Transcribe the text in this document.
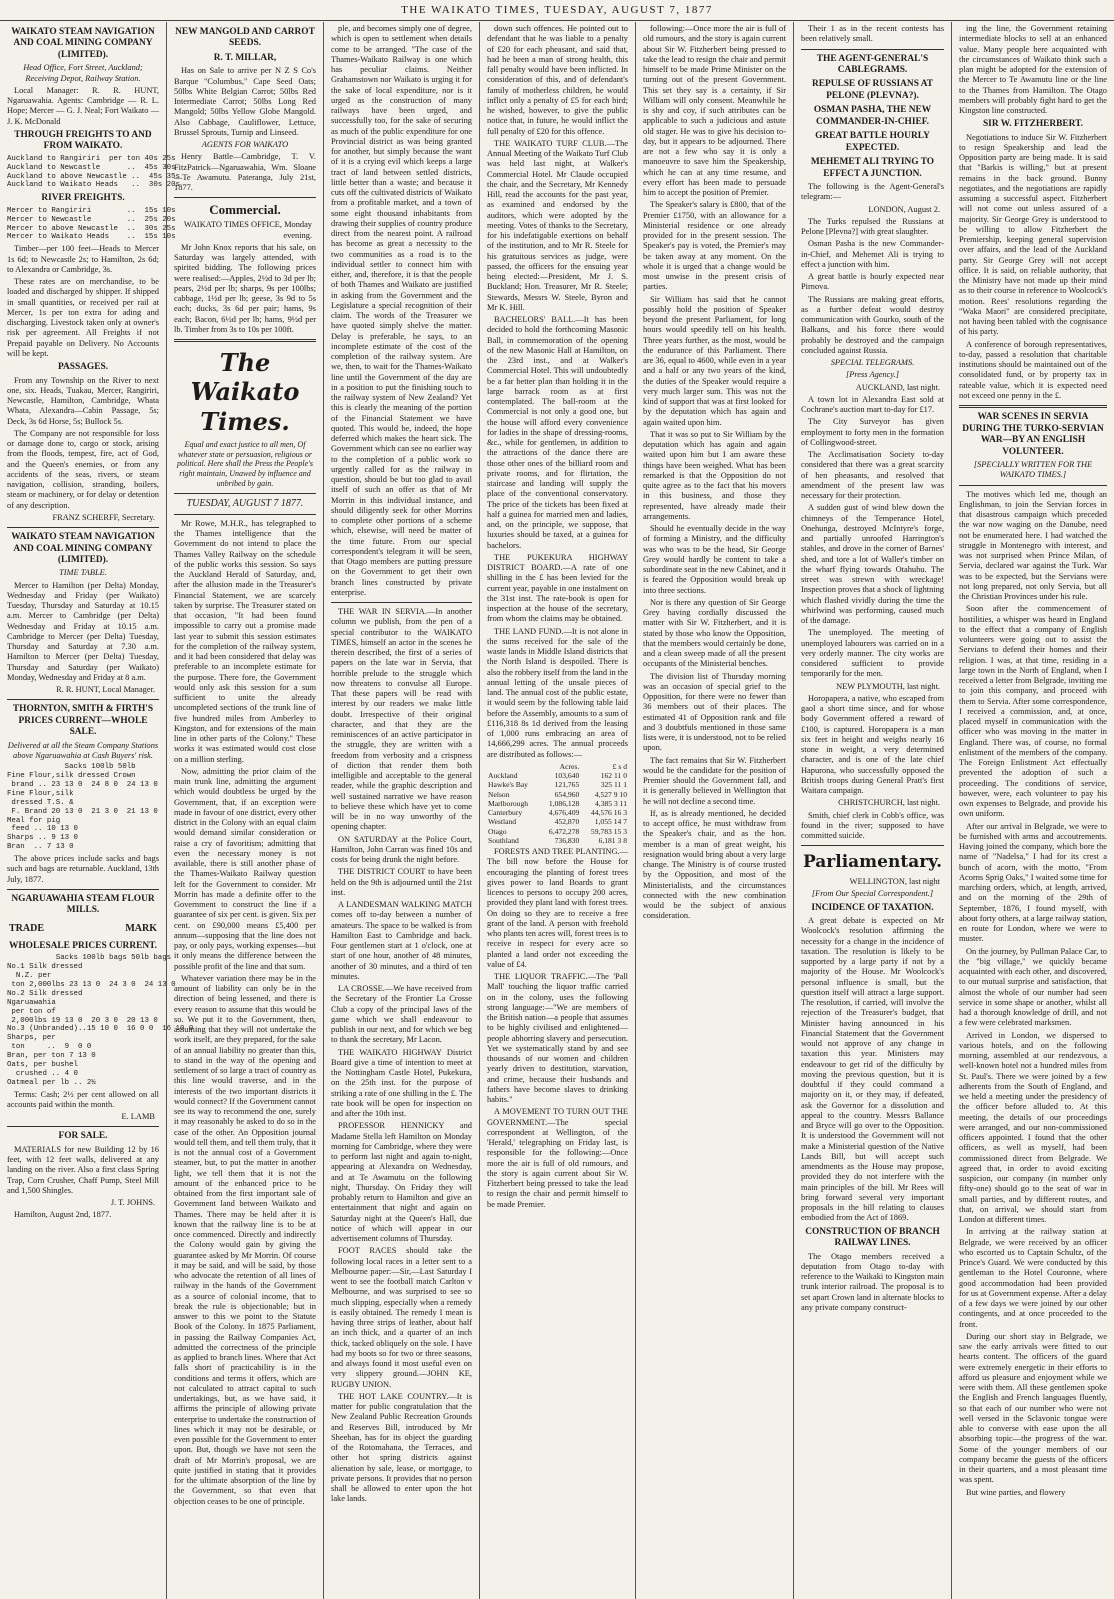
THE WAIKATO TIMES, TUESDAY, AUGUST 7, 1877

WAIKATO STEAM NAVIGATION AND COAL MINING COMPANY (LIMITED).

Head Office, Fort Street, Auckland; Receiving Depot, Railway Station.

Local Manager: R. R. HUNT, Ngaruawahia. Agents: Cambridge — R. L. Hope; Mercer — G. J. Neal; Fort Waikato — J. K. McDonald

THROUGH FREIGHTS TO AND FROM WAIKATO.

Auckland to Rangiriri  per ton 40s 25s
Auckland to Newcastle      ..  45s 30s
Auckland to above Newcastle ..  45s 35s
Auckland to Waikato Heads   ..  30s 20s

RIVER FREIGHTS.

Mercer to Rangiriri        ..  15s 10s
Mercer to Newcastle        ..  25s 20s
Mercer to above Newcastle  ..  30s 25s
Mercer to Waikato Heads    ..  15s 10s

Timber—per 100 feet—Heads to Mercer 1s 6d; to Newcastle 2s; to Hamilton, 2s 6d; to Alexandra or Cambridge, 3s.

These rates are on merchandise, to be loaded and discharged by shipper. If shipped in small quantities, or received per rail at Mercer, 1s per ton extra for ading and discharging. Livestock taken only at owner's risk per agreement. All Freights if not Prepaid payable on Delivery. No Accounts will be kept.

PASSAGES.

From any Township on the River to next one, six. Heads, Tuakau, Mercer, Rangiriri, Newcastle, Hamilton, Cambridge, Whata Whata, Alexandra—Cabin Passage, 5s; Deck, 3s 6d Horse, 5s; Bullock 5s.

The Company are not responsible for loss or damage done to, cargo or stock, arising from the floods, tempest, fire, act of God, and the Queen's enemies, or from any accidents of the seas, rivers, or steam navigation, collision, stranding, boilers, steam or machinery, or for delay or detention of any description.

FRANZ SCHERFF, Secretary.

WAIKATO STEAM NAVIGATION AND COAL MINING COMPANY (LIMITED).

TIME TABLE.

Mercer to Hamilton (per Delta) Monday, Wednesday and Friday (per Waikato) Tuesday, Thursday and Saturday at 10.15 a.m. Mercer to Cambridge (per Delta) Wednesday and Friday at 10.15 a.m. Cambridge to Mercer (per Delta) Tuesday, Thursday and Saturday at 7.30 a.m. Hamilton to Mercer (per Delta) Tuesday, Thursday and Saturday (per Waikato) Monday, Wednesday and Friday at 8 a.m.

R. R. HUNT, Local Manager.

THORNTON, SMITH & FIRTH'S PRICES CURRENT—WHOLE SALE.

Delivered at all the Steam Company Stations above Ngaruawahia at Cash Buyers' risk.

Sacks 100lb 50lb
Fine Flour,silk dressed Crown
brand .. 23 13 0  24 8 0  24 13 0
Fine Flour,silk
dressed T.S. &
F. Brand 20 13 0  21 3 0  21 13 0
Meal for pig
feed .. 10 13 0
Sharps .. 9 13 0
Bran  .. 7 13 0

The above prices include sacks and bags such and bags are returnable. Auckland, 13th July, 1877.

NGARUAWAHIA STEAM FLOUR MILLS.

TRADE	MARK

WHOLESALE PRICES CURRENT.

Sacks 100lb bags 50lb bags
No.1 Silk dressed
N.Z. per
ton 2,000lbs 23 13 0  24 3 0  24 13 0
No.2 Silk dressed
Ngaruawahia
per ton of
2,000lbs 19 13 0  20 3 0  20 13 0
No.3 (Unbranded)..15 10 0  16 0 0  16 10 0
Sharps, per
ton     ..  9  0 0
Bran, per ton 7 13 0
Oats, per bushel
crushed .. 4 0
Oatmeal per lb .. 2½

Terms: Cash; 2½ per cent allowed on all accounts paid within the month.

E. LAMB

FOR SALE.

MATERIALS for new Building 12 by 16 feet, with 12 feet walls, delivered at any landing on the river. Also a first class Spring Trap, Corn Crusher, Chaff Pump, Steel Mill and 1,500 Shingles.

J. T. JOHNS.

Hamilton, August 2nd, 1877.

NEW MANGOLD AND CARROT SEEDS.

R. T. MILLAR,

Has on Sale to arrive per N Z S Co's Barque "Columbus," Cape Seed Oats; 50lbs White Belgian Carrot; 50lbs Red Intermediate Carrot; 50lbs Long Red Mangold; 50lbs Yellow Globe Mangold. Also Cabbage, Cauliflower, Lettuce, Brussel Sprouts, Turnip and Linseed.

AGENTS FOR WAIKATO

Henry Battle—Cambridge, T. V. FitzPatrick—Ngaruawahia, Wm. Sloane—Te Awamutu. Pateranga, July 21st, 1877.

Commercial.

WAIKATO TIMES OFFICE, Monday evening.

Mr John Knox reports that his sale, on Saturday was largely attended, with spirited bidding. The following prices were realised:—Apples, 2½d to 3d per lb; pears, 2½d per lb; sharps, 9s per 100lbs; cabbage, 1½d per lb; geese, 3s 9d to 5s each; ducks, 3s 6d per pair; hams, 9s each; Bacon, 6½d per lb; hams, 9½d per lb. Timber from 3s to 10s per 100ft.

The Waikato Times.

Equal and exact justice to all men, Of whatever state or persuasion, religious or political. Here shall the Press the People's right maintain, Unawed by influence and unbribed by gain.

TUESDAY, AUGUST 7 1877.

Mr Rowe, M.H.R., has telegraphed to the Thames intelligence that the Government do not intend to place the Thames Valley Railway on the schedule of the public works this session. So says the Auckland Herald of Saturday, and, after the allusion made in the Treasurer's Financial Statement, we are scarcely taken by surprise. The Treasurer stated on that occasion, "It had been found impossible to carry out a promise made last year to submit this session estimates for the completion of the railway system, and it had been considered that delay was preferable to an incomplete estimate for the purpose. There fore, the Government would only ask this session for a sum sufficient to unite the already uncompleted sections of the trunk line of five hundred miles from Amberley to Kingston, and for extensions of the main line in other parts of the Colony." These works it was estimated would cost close on a million sterling.

Now, admitting the prior claim of the main trunk line, admitting the argument which would doubtless be urged by the Government, that, if an exception were made in favour of one district, every other district in the Colony with an equal claim would demand similar consideration or raise a cry of favoritism; admitting that even the necessary money is not available, there is still another phase of the Thames-Waikato Railway question left for the Government to consider. Mr Morrin has made a definite offer to the Government to construct the line if a guarantee of six per cent. is given. Six per cent. on £90,000 means £5,400 per annum—supposing that the line does not pay, or only pays, working expenses—but it only means the difference between the possible profit of the line and that sum.

Whatever variation there may be in the amount of liability can only be in the direction of being lessened, and there is every reason to assume that this would be so. We put it to the Government, then, assuming that they will not undertake the work itself, are they prepared, for the sake of an annual liability no greater than this, to stand in the way of the opening and settlement of so large a tract of country as this line would traverse, and in the interests of the two important districts it would connect? If the Government cannot see its way to recommend the one, surely it may reasonably be asked to do so in the case of the other. An Opposition journal would tell them, and tell them truly, that it is not the annual cost of a Government steamer, but, to put the matter in another light, we tell them that it is not the amount of the enhanced price to be obtained from the first important sale of Government land between Waikato and Thames. There may be held after it is known that the railway line is to be at once commenced. Directly and indirectly the Colony would gain by giving the guarantee asked by Mr Morrin. Of course it may be said, and will be said, by those who advocate the retention of all lines of railway in the hands of the Government as a source of colonial income, that to break the rule is objectionable; but in answer to this we point to the Statute Book of the Colony. In 1875 Parliament, in passing the Railway Companies Act, admitted the correctness of the principle as applied to branch lines. Where that Act falls short of practicability is in the conditions and terms it offers, which are not calculated to attract capital to such undertakings, but, as we have said, it affirms the principle of allowing private enterprise to undertake the construction of lines which it may not be desirable, or even possible for the Government to enter upon. But, though we have not seen the draft of Mr Morrin's proposal, we are quite justified in stating that it provides for the ultimate absorption of the line by the Government, so that even that objection ceases to be one of principle.

ple, and becomes simply one of degree, which is open to settlement when details come to be arranged. "The case of the Thames-Waikato Railway is one which has peculiar claims. Neither Grahamstown nor Waikato is urging it for the sake of local expenditure, nor is it urged as the construction of many railways have been urged, and successfully too, for the sake of securing as much of the public expenditure for one Provincial district as was being granted for another, but simply because the want of it is a crying evil which keeps a large tract of land between settled districts, little better than a waste; and because it cuts off the cultivated districts of Waikato from a profitable market, and a town of some eight thousand inhabitants from drawing their supplies of country produce direct from the nearest point. A railroad has become as great a necessity to the two communities as a road is to the individual settler to connect him with either, and, therefore, it is that the people of both Thames and Waikato are justified in asking from the Government and the Legislature a special recognition of their claim. The words of the Treasurer we have quoted simply shelve the matter. Delay is preferable, he says, to an incomplete estimate of the cost of the completion of the railway system. Are we, then, to wait for the Thames-Waikato line until the Government of the day are in a position to put the finishing touch to the railway system of New Zealand? Yet this is clearly the meaning of the portion of the Financial Statement we have quoted. This would be, indeed, the hope deferred which makes the heart sick. The Government which can see no earlier way to the completion of a public work so urgently called for as the railway in question, should be but too glad to avail itself of such an offer as that of Mr Morrin in this individual instance, and should diligently seek for other Morrins to complete other portions of a scheme which, elsewise, will need be matter of the time future. From our special correspondent's telegram it will be seen, that Otago members are putting pressure on the Government to get their own branch lines constructed by private enterprise.

THE WAR IN SERVIA.—In another column we publish, from the pen of a special contributor to the WAIKATO TIMES, himself an actor in the scenes he therein described, the first of a series of papers on the late war in Servia, that horrible prelude to the struggle which now threatens to convulse all Europe. That these papers will be read with interest by our readers we make little doubt. Irrespective of their original character, and that they are the reminiscences of an active participator in the struggle, they are written with a freedom from verbosity and a crispness of diction that render them both intelligible and acceptable to the general reader, while the graphic description and well sustained narrative we have reason to believe these which have yet to come will be in no way unworthy of the opening chapter.

ON SATURDAY at the Police Court, Hamilton, John Carran was fined 10s and costs for being drunk the night before.

THE DISTRICT COURT to have been held on the 9th is adjourned until the 21st inst.

A LANDESMAN WALKING MATCH comes off to-day between a number of amateurs. The space to be walked is from Hamilton East to Cambridge and back. Four gentlemen start at 1 o'clock, one at start of one hour, another of 48 minutes, another of 30 minutes, and a third of ten minutes.

LA CROSSE.—We have received from the Secretary of the Frontier La Crosse Club a copy of the principal laws of the game which we shall endeavour to publish in our next, and for which we beg to thank the secretary, Mr Lacon.

THE WAIKATO HIGHWAY District Board give a time of intention to meet at the Nottingham Castle Hotel, Pukekura, on the 25th inst. for the purpose of striking a rate of one shilling in the £. The rate book will be open for inspection on and after the 10th inst.

PROFESSOR HENNICKY and Madame Stella left Hamilton on Monday morning for Cambridge, where they were to perform last night and again to-night, appearing at Alexandra on Wednesday, and at Te Awamutu on the following night, Thursday. On Friday they will probably return to Hamilton and give an entertainment that night and again on Saturday night at the Queen's Hall, due notice of which will appear in our advertisement columns of Thursday.

FOOT RACES should take the following local races in a letter sent to a Melbourne paper:—Sir,—Last Saturday I went to see the football match Carlton v Melbourne, and was surprised to see so much slipping, especially when a remedy is easily obtained. The remedy I mean is having three strips of leather, about half an inch thick, and a quarter of an inch thick, tacked obliquely on the sole. I have had my boots so for two or three seasons, and always found it most useful even on very slippery ground.—JOHN KE, RUGBY UNION.

THE HOT LAKE COUNTRY.—It is matter for public congratulation that the New Zealand Public Recreation Grounds and Reserves Bill, introduced by Mr Sheehan, has for its object the guarding of the Rotomahana, the Terraces, and other hot spring districts against alienation by sale, lease, or mortgage, to private persons. It provides that no person shall be allowed to enter upon the hot lake lands.

down such offences. He pointed out to defendant that he was liable to a penalty of £20 for each pheasant, and said that, had he been a man of strong health, this fall penalty would have been inflicted. In consideration of this, and of defendant's family of motherless children, he would inflict only a penalty of £5 for each bird; he wished, however, to give the public notice that, in future, he would inflict the full penalty of £20 for this offence.

THE WAIKATO TURF CLUB.—The Annual Meeting of the Waikato Turf Club was held last night, at Walker's Commercial Hotel. Mr Claude occupied the chair, and the Secretary, Mr Kennedy Hill, read the accounts for the past year, as examined and endorsed by the auditors, which were adopted by the meeting. Votes of thanks to the Secretary, for his indefatigable exertions on behalf of the institution, and to Mr R. Steele for his gratuitous services as judge, were passed, the officers for the ensuing year being elected:—President, Mr J. S. Buckland; Hon. Treasurer, Mr R. Steele; Stewards, Messrs W. Steele, Byron and Mr K. Hill.

BACHELORS' BALL.—It has been decided to hold the forthcoming Masonic Ball, in commemoration of the opening of the new Masonic Hall at Hamilton, on the 23rd inst., and at Walker's Commercial Hotel. This will undoubtedly be a far better plan than holding it in the large barrack room as at first contemplated. The ball-room at the Commercial is not only a good one, but the house will afford every convenience for ladies in the shape of dressing-rooms, &c., while for gentlemen, in addition to the attractions of the dance there are those other ones of the billiard room and private rooms, and for flirtation, the staircase and landing will supply the place of the conventional conservatory. The price of the tickets has been fixed at half a guinea for married men and ladies, and, on the principle, we suppose, that luxuries should be taxed, at a guinea for bachelors.

THE PUKEKURA HIGHWAY DISTRICT BOARD.—A rate of one shilling in the £ has been levied for the current year, payable in one instalment on the 31st inst. The rate-book is open for inspection at the house of the secretary, from whom the claims may be obtained.

THE LAND FUND.—It is not alone in the sums received for the sale of the waste lands in Middle Island districts that the North Island is despoiled. There is also the robbery itself from the land in the annual letting of the unsale pieces of land. The annual cost of the public estate, it would seem by the following table laid before the Assembly, amounts to a sum of £116,318 8s 1d derived from the leasing of 1,000 runs embracing an area of 14,666,299 acres. The annual proceeds are distributed as follows:—

	Acres.	£ s d
Auckland	103,640	162 11 0
Hawke's Bay	121,765	325 11 1
Nelson	654,960	4,527 9 10
Marlborough	1,086,128	4,385 3 11
Canterbury	4,676,409	44,576 16 3
Westland	452,870	1,055 14 7
Otago	6,472,278	59,783 15 3
Southland	736,830	6,181 3 8

FORESTS AND TREE PLANTING.—The bill now before the House for encouraging the planting of forest trees gives power to land Boards to grant licences to persons to occupy 200 acres, provided they plant land with forest trees. On doing so they are to receive a free grant of the land. A person with freehold who plants ten acres will, forest trees is to receive in respect for every acre so planted a land order not exceeding the value of £4.

THE LIQUOR TRAFFIC.—The 'Pall Mall' touching the liquor traffic carried on in the colony, uses the following strong language:—"We are members of the British nation—a people that assumes to be highly civilised and enlightened—people abhorring slavery and persecution. Yet we systematically stand by and see thousands of our women and children yearly driven to destitution, starvation, and crime, because their husbands and fathers have become slaves to drinking habits."

A MOVEMENT TO TURN OUT THE GOVERNMENT.—The special correspondent at Wellington, of the 'Herald,' telegraphing on Friday last, is responsible for the following:—Once more the air is full of old rumours, and the story is again current about Sir W. Fitzherbert being pressed to take the lead to resign the chair and permit himself to be made Premier.

following:—Once more the air is full of old rumours, and the story is again current about Sir W. Fitzherbert being pressed to take the lead to resign the chair and permit himself to be made Prime Minister on the turning out of the present Government. This set they say is a certainty, if Sir William will only consent. Meanwhile he is shy and coy, if such attributes can be applicable to such a judicious and astute old stager. He was to give his decision to-day, but it appears to be adjourned. There are not a few who say it is only a manoeuvre to save him the Speakership, which he can at any time resume, and every effort has been made to persuade him to accept the position of Premier.

The Speaker's salary is £800, that of the Premier £1750, with an allowance for a Ministerial residence or one already provided for in the present session. The Speaker's pay is voted, the Premier's may be taken away at any moment. On the whole it is urged that a change would be most unwise in the present crisis of parties.

Sir William has said that he cannot possibly hold the position of Speaker beyond the present Parliament, for long hours would speedily tell on his health. Three years further, as the most, would be the endurance of this Parliament. There are 36, equal to 4600, while even in a year and a half or any two years of the kind, the duties of the Speaker would require a very much larger sum. This was not the kind of support that was at first looked for by the deputation which has again and again waited upon him.

That it was so put to Sir William by the deputation which has again and again waited upon him but I am aware these things have been weighed. What has been remarked is that the Opposition do not quite agree as to the fact that his movers in this business, and those they represented, have already made their arrangements.

Should he eventually decide in the way of forming a Ministry, and the difficulty was who was to be the head, Sir George Grey would hardly be content to take a subordinate seat in the new Cabinet, and it is feared the Opposition would break up into three sections.

Nor is there any question of Sir George Grey having cordially discussed the matter with Sir W. Fitzherbert, and it is stated by those who know the Opposition, that the members would certainly be done, and a clean sweep made of all the present occupants of the Ministerial benches.

The division list of Thursday morning was an occasion of special grief to the Opposition, for there were no fewer than 36 members out of their places. The estimated 41 of Opposition rank and file and 3 doubtfuls mentioned in those same lists were, it is understood, not to be relied upon.

The fact remains that Sir W. Fitzherbert would be the candidate for the position of Premier should the Government fall, and it is generally believed in Wellington that he will not decline a second time.

If, as is already mentioned, he decided to accept office, he must withdraw from the Speaker's chair, and as the hon. member is a man of great weight, his resignation would bring about a very large change. The Ministry is of course trusted by the Opposition, and most of the Ministerialists, and the circumstances connected with the new combination would be the subject of anxious consideration.

Their 1 as in the recent contests has been relatively small.

THE AGENT-GENERAL'S CABLEGRAMS.

REPULSE OF RUSSIANS AT PELONE (PLEVNA?).

OSMAN PASHA, THE NEW COMMANDER-IN-CHIEF.

GREAT BATTLE HOURLY EXPECTED.

MEHEMET ALI TRYING TO EFFECT A JUNCTION.

The following is the Agent-General's telegram:—

LONDON, August 2.

The Turks repulsed the Russians at Pelone [Plevna?] with great slaughter.

Osman Pasha is the new Commander-in-Chief, and Mehemet Ali is trying to effect a junction with him.

A great battle is hourly expected near Pirnova.

The Russians are making great efforts, as a further defeat would destroy communication with Gourko, south of the Balkans, and his force there would probably be destroyed and the campaign concluded against Russia.

SPECIAL TELEGRAMS.

[Press Agency.]

AUCKLAND, last night.

A town lot in Alexandra East sold at Cochrane's auction mart to-day for £17.

The City Surveyor has given employment to forty men in the formation of Collingwood-street.

The Acclimatisation Society to-day considered that there was a great scarcity of hen pheasants, and resolved that amendment of the present law was necessary for their protection.

A sudden gust of wind blew down the chimneys of the Temperance Hotel, Onehunga, destroyed McIntyre's forge, and partially unroofed Harrington's stables, and drove in the corner of Barnes' shed, and tore a lot of Waller's timber on the wharf flying towards Otahuhu. The street was strewn with wreckage! Inspection proves that a shock of lightning which flashed vividly during the time the whirlwind was performing, caused much of the damage.

The unemployed. The meeting of unemployed labourers was carried on in a very orderly manner. The city works are considered sufficient to provide temporarily for the men.

NEW PLYMOUTH, last night.

Horopapera, a native, who escaped from gaol a short time since, and for whose body Government offered a reward of £100, is captured. Horopapera is a man six feet in height and weighs nearly 16 stone in weight, a very determined character, and is one of the late chief Hapurona, who successfully opposed the British troops during General Pratt's first Waitara campaign.

CHRISTCHURCH, last night.

Smith, chief clerk in Cobb's office, was found in the river; supposed to have committed suicide.

Parliamentary.

WELLINGTON, last night

[From Our Special Correspondent.]

INCIDENCE OF TAXATION.

A great debate is expected on Mr Woolcock's resolution affirming the necessity for a change in the incidence of taxation. The resolution is likely to be supported by a large party if not by a majority of the House. Mr Woolcock's personal influence is small, but the question itself will attract a large support. The resolution, if carried, will involve the rejection of the Treasurer's budget, that Minister having announced in his Financial Statement that the Government would not approve of any change in taxation this year. Ministers may endeavour to get rid of the difficulty by moving the previous question, but it is doubtful if they could command a majority on it, or they may, if defeated, ask the Governor for a dissolution and appeal to the country. Messrs Ballance and Bryce will go over to the Opposition. It is understood the Government will not make a Ministerial question of the Native Lands Bill, but will accept such amendments as the House may propose, provided they do not interfere with the main principles of the bill. Mr Rees will bring forward several very important proposals in the bill relating to clauses embodied from the Act of 1869.

CONSTRUCTION OF BRANCH RAILWAY LINES.

The Otago members received a deputation from Otago to-day with reference to the Waikaki to Kingston main trunk interior railroad. The proposal is to set apart Crown land in alternate blocks to any private company construct-

ing the line, the Government retaining intermediate blocks to sell at an enhanced value. Many people here acquainted with the circumstances of Waikato think such a plan might be adopted for the extension of the Mercer to Te Awamutu line or the line to the Thames from Hamilton. The Otago members will probably fight hard to get the Kingston line constructed.

SIR W. FITZHERBERT.

Negotiations to induce Sir W. Fitzherbert to resign Speakership and lead the Opposition party are being made. It is said that "Barkis is willing," but at present remains in the back ground. Bunny negotiates, and the negotiations are rapidly assuming a successful aspect. Fitzherbert will not come out unless assured of a majority. Sir George Grey is understood to be willing to allow Fitzherbert the Premiership, keeping general supervision over affairs, and the lead of the Auckland party. Sir George Grey will not accept office. It is said, on reliable authority, that the Ministry have not made up their mind as to their course in reference to Woolcock's motion. Rees' resolutions regarding the "Waka Maori" are considered precipitate, not having been tabled with the cognisance of his party.

A conference of borough representatives, to-day, passed a resolution that charitable institutions should be maintained out of the consolidated fund, or by property tax in rateable value, which it is expected need not exceed one penny in the £.

WAR SCENES IN SERVIA DURING THE TURKO-SERVIAN WAR—BY AN ENGLISH VOLUNTEER.

[SPECIALLY WRITTEN FOR THE WAIKATO TIMES.]

The motives which led me, though an Englishman, to join the Servian forces in that disastrous campaign which preceded the war now waging on the Danube, need not be enumerated here. I had watched the struggle in Montenegro with interest, and was not surprised when Prince Milan, of Servia, declared war against the Turk. War was to be expected, but the Servians were not long prepared, not only Servia, but all the Christian Provinces under his rule.

Soon after the commencement of hostilities, a whisper was heard in England to the effect that a company of English volunteers were going out to assist the Servians to defend their homes and their religion. I was, at that time, residing in a large town in the North of England, when I received a letter from Belgrade, inviting me to join this company, and proceed with them to Servia. After some correspondence, I received a commission, and, at once, placed myself in communication with the officer who was moving in the matter in England. There was, of course, no formal enlistment of the members of the company. The Foreign Enlistment Act effectually prevented the adoption of such a proceeding. The conditions of service, however, were, each volunteer to pay his own expenses to Belgrade, and provide his own uniform.

After our arrival in Belgrade, we were to be furnished with arms and accoutrements. Having joined the company, which bore the name of "Nadelsa," I had for its crest a bunch of acorn, with the motto, "From Acorns Sprig Oaks," I waited some time for marching orders, which, at length, arrived, and on the morning of the 29th of September, 1876, I found myself, with about forty others, at a large railway station, en route for London, where we were to muster.

On the journey, by Pullman Palace Car, to the "big village," we quickly became acquainted with each other, and discovered, to our mutual surprise and satisfaction, that almost the whole of our number had seen service in some shape or another, whilst all had a thorough knowledge of drill, and not a few were celebrated marksmen.

Arrived in London, we dispersed to various hotels, and on the following morning, assembled at our rendezvous, a well-known hotel not a hundred miles from St. Paul's. There we were joined by a few adherents from the South of England, and we held a meeting under the presidency of the officer before alluded to. At this meeting, the details of our proceedings were arranged, and our non-commissioned officers appointed. I found that the other officers, as well as myself, had been commissioned direct from Belgrade. We agreed that, in order to avoid exciting suspicion, our company (in number only fifty-one) should go to the seat of war in small parties, and by different routes, and that, on arrival, we should start from London at different times.

In arriving at the railway station at Belgrade, we were received by an officer who escorted us to Captain Schultz, of the Prince's Guard. We were conducted by this gentleman to the Hotel Couronne, where good accommodation had been provided for us at Government expense. After a delay of a few days we were joined by our other contingents, and at once proceeded to the front.

During our short stay in Belgrade, we saw the early arrivals were fitted to our hearts content. The officers of the guard were extremely energetic in their efforts to afford us pleasure and enjoyment while we were with them. All these gentlemen spoke the English and French languages fluently, so that each of our number who were not well versed in the Sclavonic tongue were able to converse with ease upon the all absorbing topic—the progress of the war. Some of the younger members of our company became the guests of the officers in their quarters, and a most pleasant time was spent.

But wine parties, and flowery
